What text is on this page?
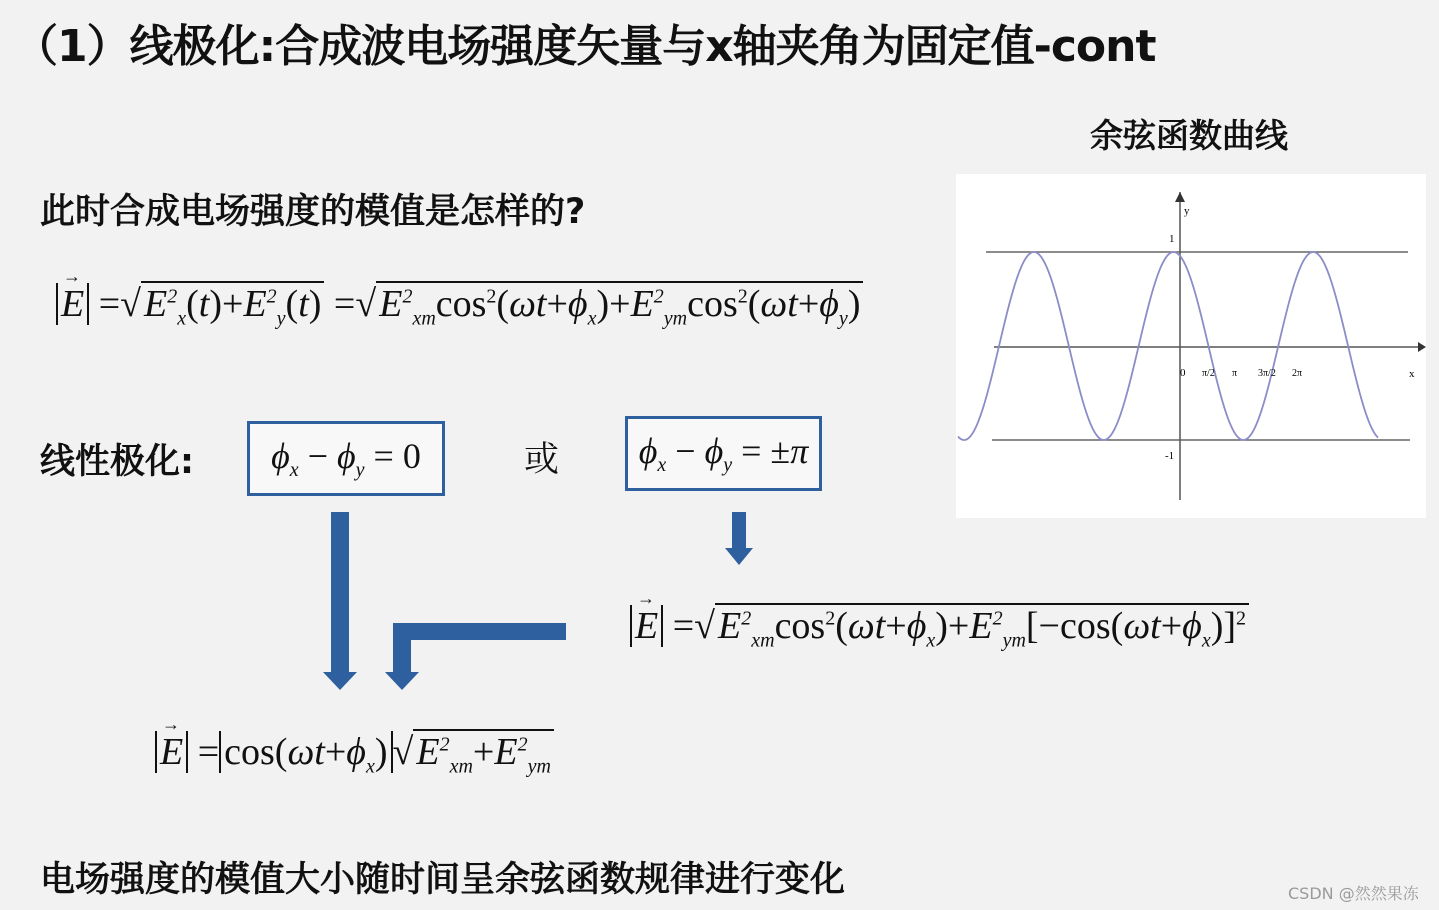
（1）线极化:合成波电场强度矢量与x轴夹角为固定值-cont
此时合成电场强度的模值是怎样的?
余弦函数曲线
$E \to =√E^2_x(t)+E^2_y(t) =√E^2_{xm}\cos^2(\omega t+\phi_x)+E^2_{ym}\cos^2(\omega t+\phi_y)$
线性极化: $\phi_x - \phi_y = 0$	或 $\phi_x - \phi_y = \pm\pi$
$E \to =√E^2_{xm}\cos^2(\omega t+\phi_x)+E^2_{ym}[-\cos(\omega t+\phi_x)]^2$
E → = $\cos(\omega t+\phi_x)$ $√E^2_{xm}+E^2_{ym}$
y
x
1
-1
0 π/2 π 3π/2 2π
电场强度的模值大小随时间呈余弦函数规律进行变化	CSDN @然然果冻
